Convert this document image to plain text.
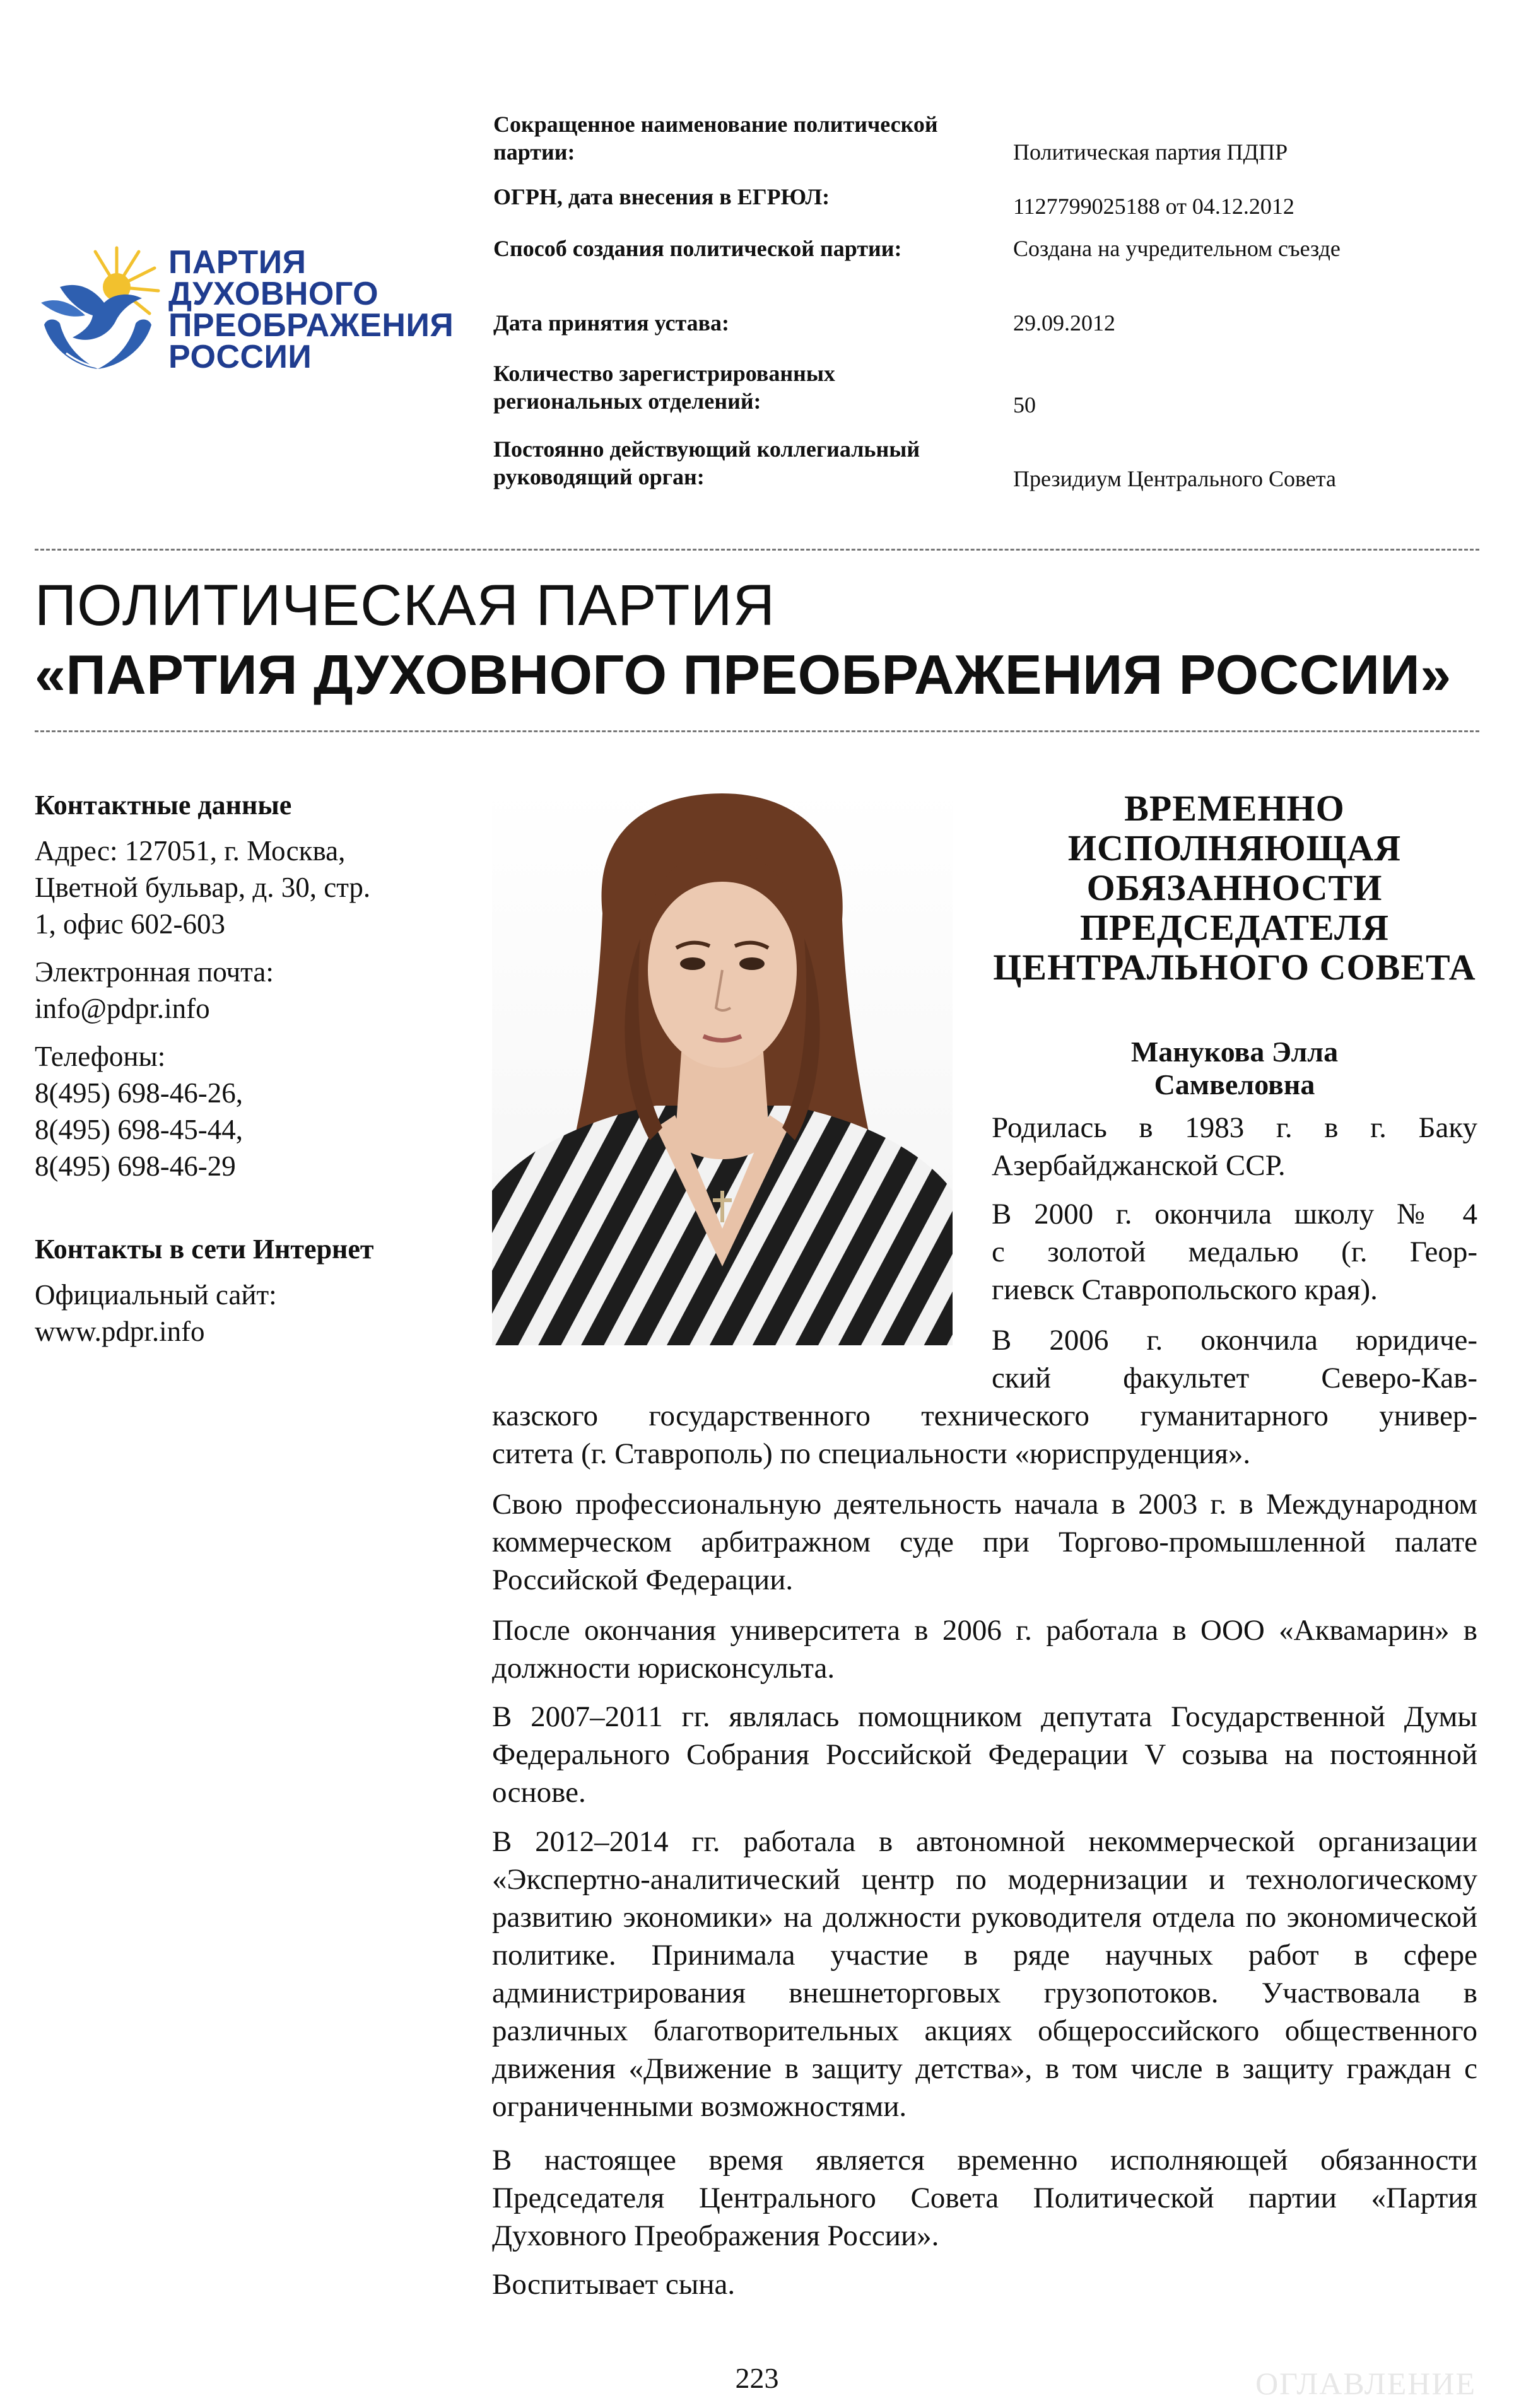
ПАРТИЯ
ДУХОВНОГО
ПРЕОБРАЖЕНИЯ
РОССИИ
Сокращенное наименование политической партии:	Политическая партия ПДПР
ОГРН, дата внесения в ЕГРЮЛ:	1127799025188 от 04.12.2012
Способ создания политической партии:	Создана на учредительном съезде
Дата принятия устава:	29.09.2012
Количество зарегистрированных региональных отделений:	50
Постоянно действующий коллегиальный руководящий орган:	Президиум Центрального Совета
ПОЛИТИЧЕСКАЯ ПАРТИЯ
«ПАРТИЯ ДУХОВНОГО ПРЕОБРАЖЕНИЯ РОССИИ»
Контактные данные
Адрес: 127051, г. Москва, Цветной бульвар, д. 30, стр. 1, офис 602-603
Электронная почта:
info@pdpr.info
Телефоны:
8(495) 698-46-26,
8(495) 698-45-44,
8(495) 698-46-29
Контакты в сети Интернет
Официальный сайт:
www.pdpr.info
ВРЕМЕННО ИСПОЛНЯЮЩАЯ ОБЯЗАННОСТИ ПРЕДСЕДАТЕЛЯ ЦЕНТРАЛЬНОГО СОВЕТА
Манукова Элла Самвеловна
Родилась в 1983 г. в г. Баку
Азербайджанской ССР.
В 2000 г. окончила школу № 4
с золотой медалью (г. Геор-
гиевск Ставропольского края).
В 2006 г. окончила юридиче-
ский факультет Северо-Кав-
казского государственного технического гуманитарного универ-
ситета (г. Ставрополь) по специальности «юриспруденция».
Свою профессиональную деятельность начала в 2003 г. в Международном коммерческом арбитражном суде при Торгово-промышленной палате Российской Федерации.
После окончания университета в 2006 г. работала в ООО «Аквамарин» в должности юрисконсульта.
В 2007–2011 гг. являлась помощником депутата Государственной Думы Федерального Собрания Российской Федерации V созыва на постоянной основе.
В 2012–2014 гг. работала в автономной некоммерческой организации «Экспертно-аналитический центр по модернизации и технологическому развитию экономики» на должности руководителя отдела по экономической политике. Принимала участие в ряде научных работ в сфере администрирования внешнеторговых грузопотоков. Участвовала в различных благотворительных акциях общероссийского общественного движения «Движение в защиту детства», в том числе в защиту граждан с ограниченными возможностями.
В настоящее время является временно исполняющей обязанности Председателя Центрального Совета Политической партии «Партия Духовного Преображения России».
Воспитывает сына.
223	ОГЛАВЛЕНИЕ
